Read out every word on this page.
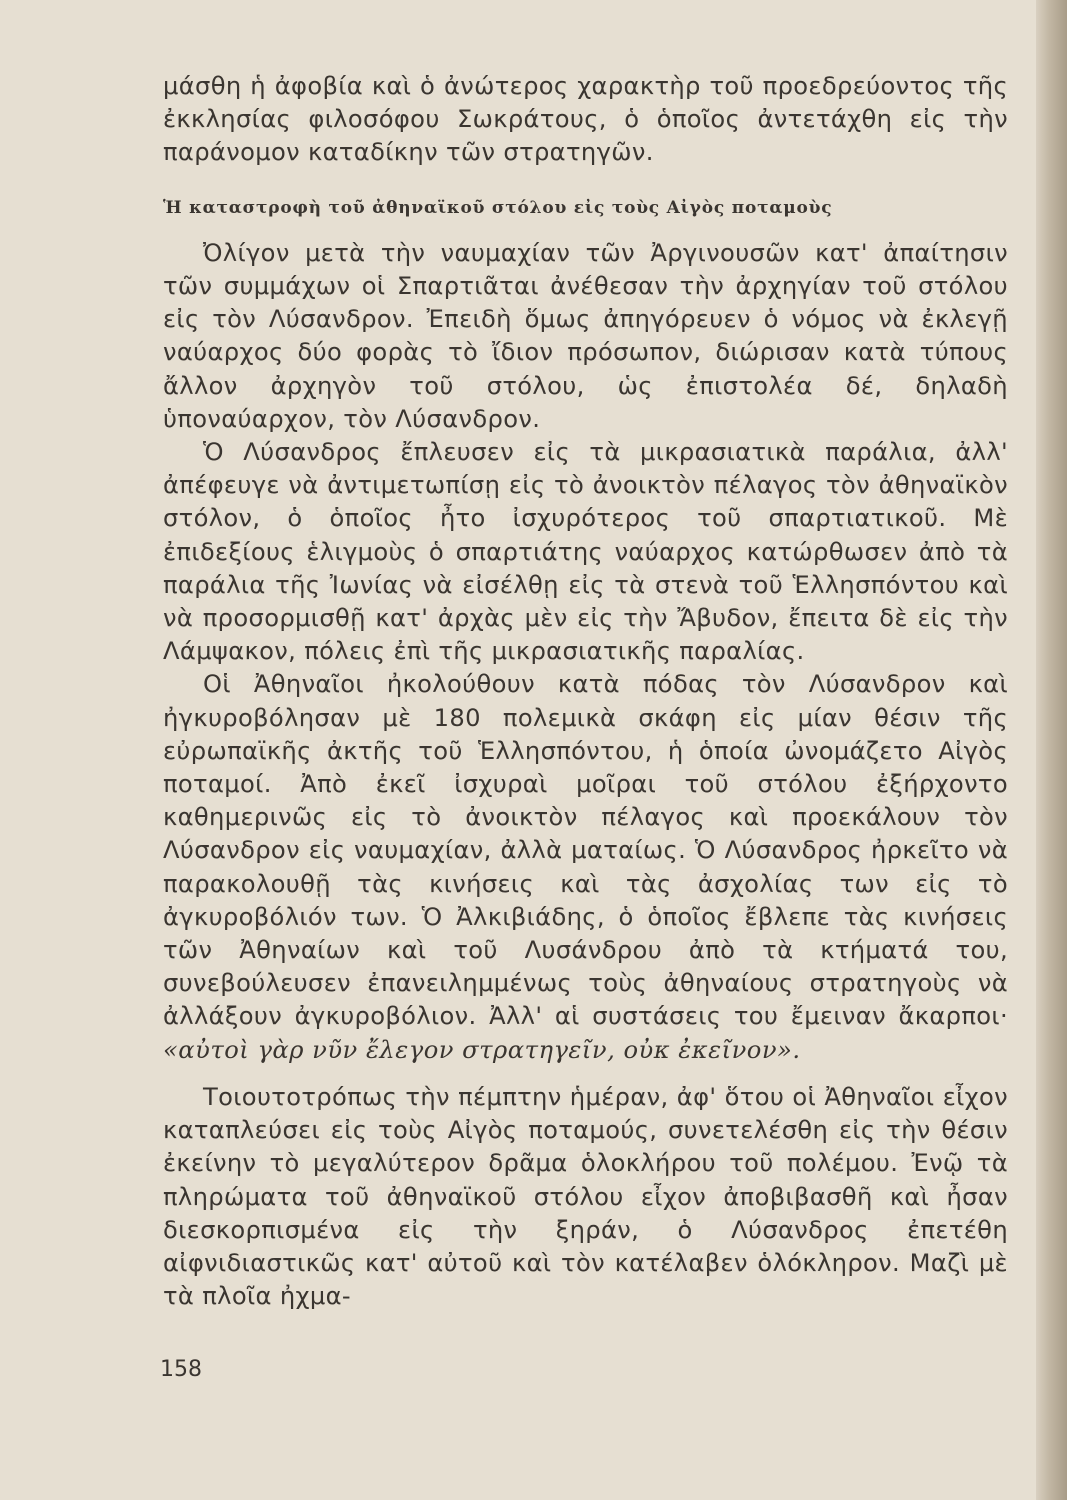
μάσθη ἡ ἀφοβία καὶ ὁ ἀνώτερος χαρακτὴρ τοῦ προεδρεύοντος τῆς ἐκκλησίας φιλοσόφου Σωκράτους, ὁ ὁποῖος ἀντετάχθη εἰς τὴν παράνομον καταδίκην τῶν στρατηγῶν.

Ἡ καταστροφὴ τοῦ ἀθηναϊκοῦ στόλου εἰς τοὺς Αἰγὸς ποταμοὺς

Ὀλίγον μετὰ τὴν ναυμαχίαν τῶν Ἀργινουσῶν κατ' ἀπαίτησιν τῶν συμμάχων οἱ Σπαρτιᾶται ἀνέθεσαν τὴν ἀρχηγίαν τοῦ στόλου εἰς τὸν Λύσανδρον. Ἐπειδὴ ὅμως ἀπηγόρευεν ὁ νόμος νὰ ἐκλεγῇ ναύαρχος δύο φορὰς τὸ ἴδιον πρόσωπον, διώρισαν κατὰ τύπους ἄλλον ἀρχηγὸν τοῦ στόλου, ὡς ἐπιστολέα δέ, δηλαδὴ ὑποναύαρχον, τὸν Λύσανδρον.

Ὁ Λύσανδρος ἔπλευσεν εἰς τὰ μικρασιατικὰ παράλια, ἀλλ' ἀπέφευγε νὰ ἀντιμετωπίσῃ εἰς τὸ ἀνοικτὸν πέλαγος τὸν ἀθηναϊκὸν στόλον, ὁ ὁποῖος ἦτο ἰσχυρότερος τοῦ σπαρτιατικοῦ. Μὲ ἐπιδεξίους ἑλιγμοὺς ὁ σπαρτιάτης ναύαρχος κατώρθωσεν ἀπὸ τὰ παράλια τῆς Ἰωνίας νὰ εἰσέλθῃ εἰς τὰ στενὰ τοῦ Ἑλλησπόντου καὶ νὰ προσορμισθῇ κατ' ἀρχὰς μὲν εἰς τὴν Ἄβυδον, ἔπειτα δὲ εἰς τὴν Λάμψακον, πόλεις ἐπὶ τῆς μικρασιατικῆς παραλίας.

Οἱ Ἀθηναῖοι ἠκολούθουν κατὰ πόδας τὸν Λύσανδρον καὶ ἠγκυροβόλησαν μὲ 180 πολεμικὰ σκάφη εἰς μίαν θέσιν τῆς εὐρωπαϊκῆς ἀκτῆς τοῦ Ἑλλησπόντου, ἡ ὁποία ὠνομάζετο Αἰγὸς ποταμοί. Ἀπὸ ἐκεῖ ἰσχυραὶ μοῖραι τοῦ στόλου ἐξήρχοντο καθημερινῶς εἰς τὸ ἀνοικτὸν πέλαγος καὶ προεκάλουν τὸν Λύσανδρον εἰς ναυμαχίαν, ἀλλὰ ματαίως. Ὁ Λύσανδρος ἠρκεῖτο νὰ παρακολουθῇ τὰς κινήσεις καὶ τὰς ἀσχολίας των εἰς τὸ ἀγκυροβόλιόν των. Ὁ Ἀλκιβιάδης, ὁ ὁποῖος ἔβλεπε τὰς κινήσεις τῶν Ἀθηναίων καὶ τοῦ Λυσάνδρου ἀπὸ τὰ κτήματά του, συνεβούλευσεν ἐπανειλημμένως τοὺς ἀθηναίους στρατηγοὺς νὰ ἀλλάξουν ἀγκυροβόλιον. Ἀλλ' αἱ συστάσεις του ἔμειναν ἄκαρποι· «αὐτοὶ γὰρ νῦν ἔλεγον στρατηγεῖν, οὐκ ἐκεῖνον».

Τοιουτοτρόπως τὴν πέμπτην ἡμέραν, ἀφ' ὅτου οἱ Ἀθηναῖοι εἶχον καταπλεύσει εἰς τοὺς Αἰγὸς ποταμούς, συνετελέσθη εἰς τὴν θέσιν ἐκείνην τὸ μεγαλύτερον δρᾶμα ὁλοκλήρου τοῦ πολέμου. Ἐνῷ τὰ πληρώματα τοῦ ἀθηναϊκοῦ στόλου εἶχον ἀποβιβασθῆ καὶ ἦσαν διεσκορπισμένα εἰς τὴν ξηράν, ὁ Λύσανδρος ἐπετέθη αἰφνιδιαστικῶς κατ' αὐτοῦ καὶ τὸν κατέλαβεν ὁλόκληρον. Μαζὶ μὲ τὰ πλοῖα ἠχμα-

158
